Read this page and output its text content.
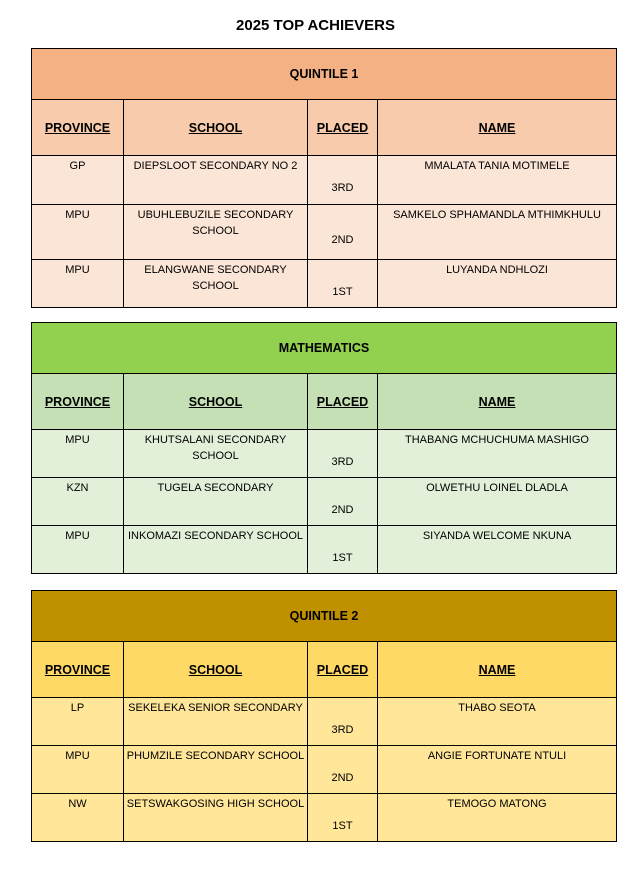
2025 TOP ACHIEVERS
QUINTILE 1			
PROVINCE	SCHOOL	PLACED	NAME
GP	DIEPSLOOT SECONDARY NO 2	3RD	MMALATA TANIA MOTIMELE
MPU	UBUHLEBUZILE SECONDARY SCHOOL	2ND	SAMKELO SPHAMANDLA MTHIMKHULU
MPU	ELANGWANE SECONDARY SCHOOL	1ST	LUYANDA NDHLOZI
MATHEMATICS			
PROVINCE	SCHOOL	PLACED	NAME
MPU	KHUTSALANI SECONDARY SCHOOL	3RD	THABANG MCHUCHUMA MASHIGO
KZN	TUGELA SECONDARY	2ND	OLWETHU LOINEL DLADLA
MPU	INKOMAZI SECONDARY SCHOOL	1ST	SIYANDA WELCOME NKUNA
QUINTILE 2			
PROVINCE	SCHOOL	PLACED	NAME
LP	SEKELEKA SENIOR SECONDARY	3RD	THABO SEOTA
MPU	PHUMZILE SECONDARY SCHOOL	2ND	ANGIE FORTUNATE NTULI
NW	SETSWAKGOSING HIGH SCHOOL	1ST	TEMOGO MATONG
